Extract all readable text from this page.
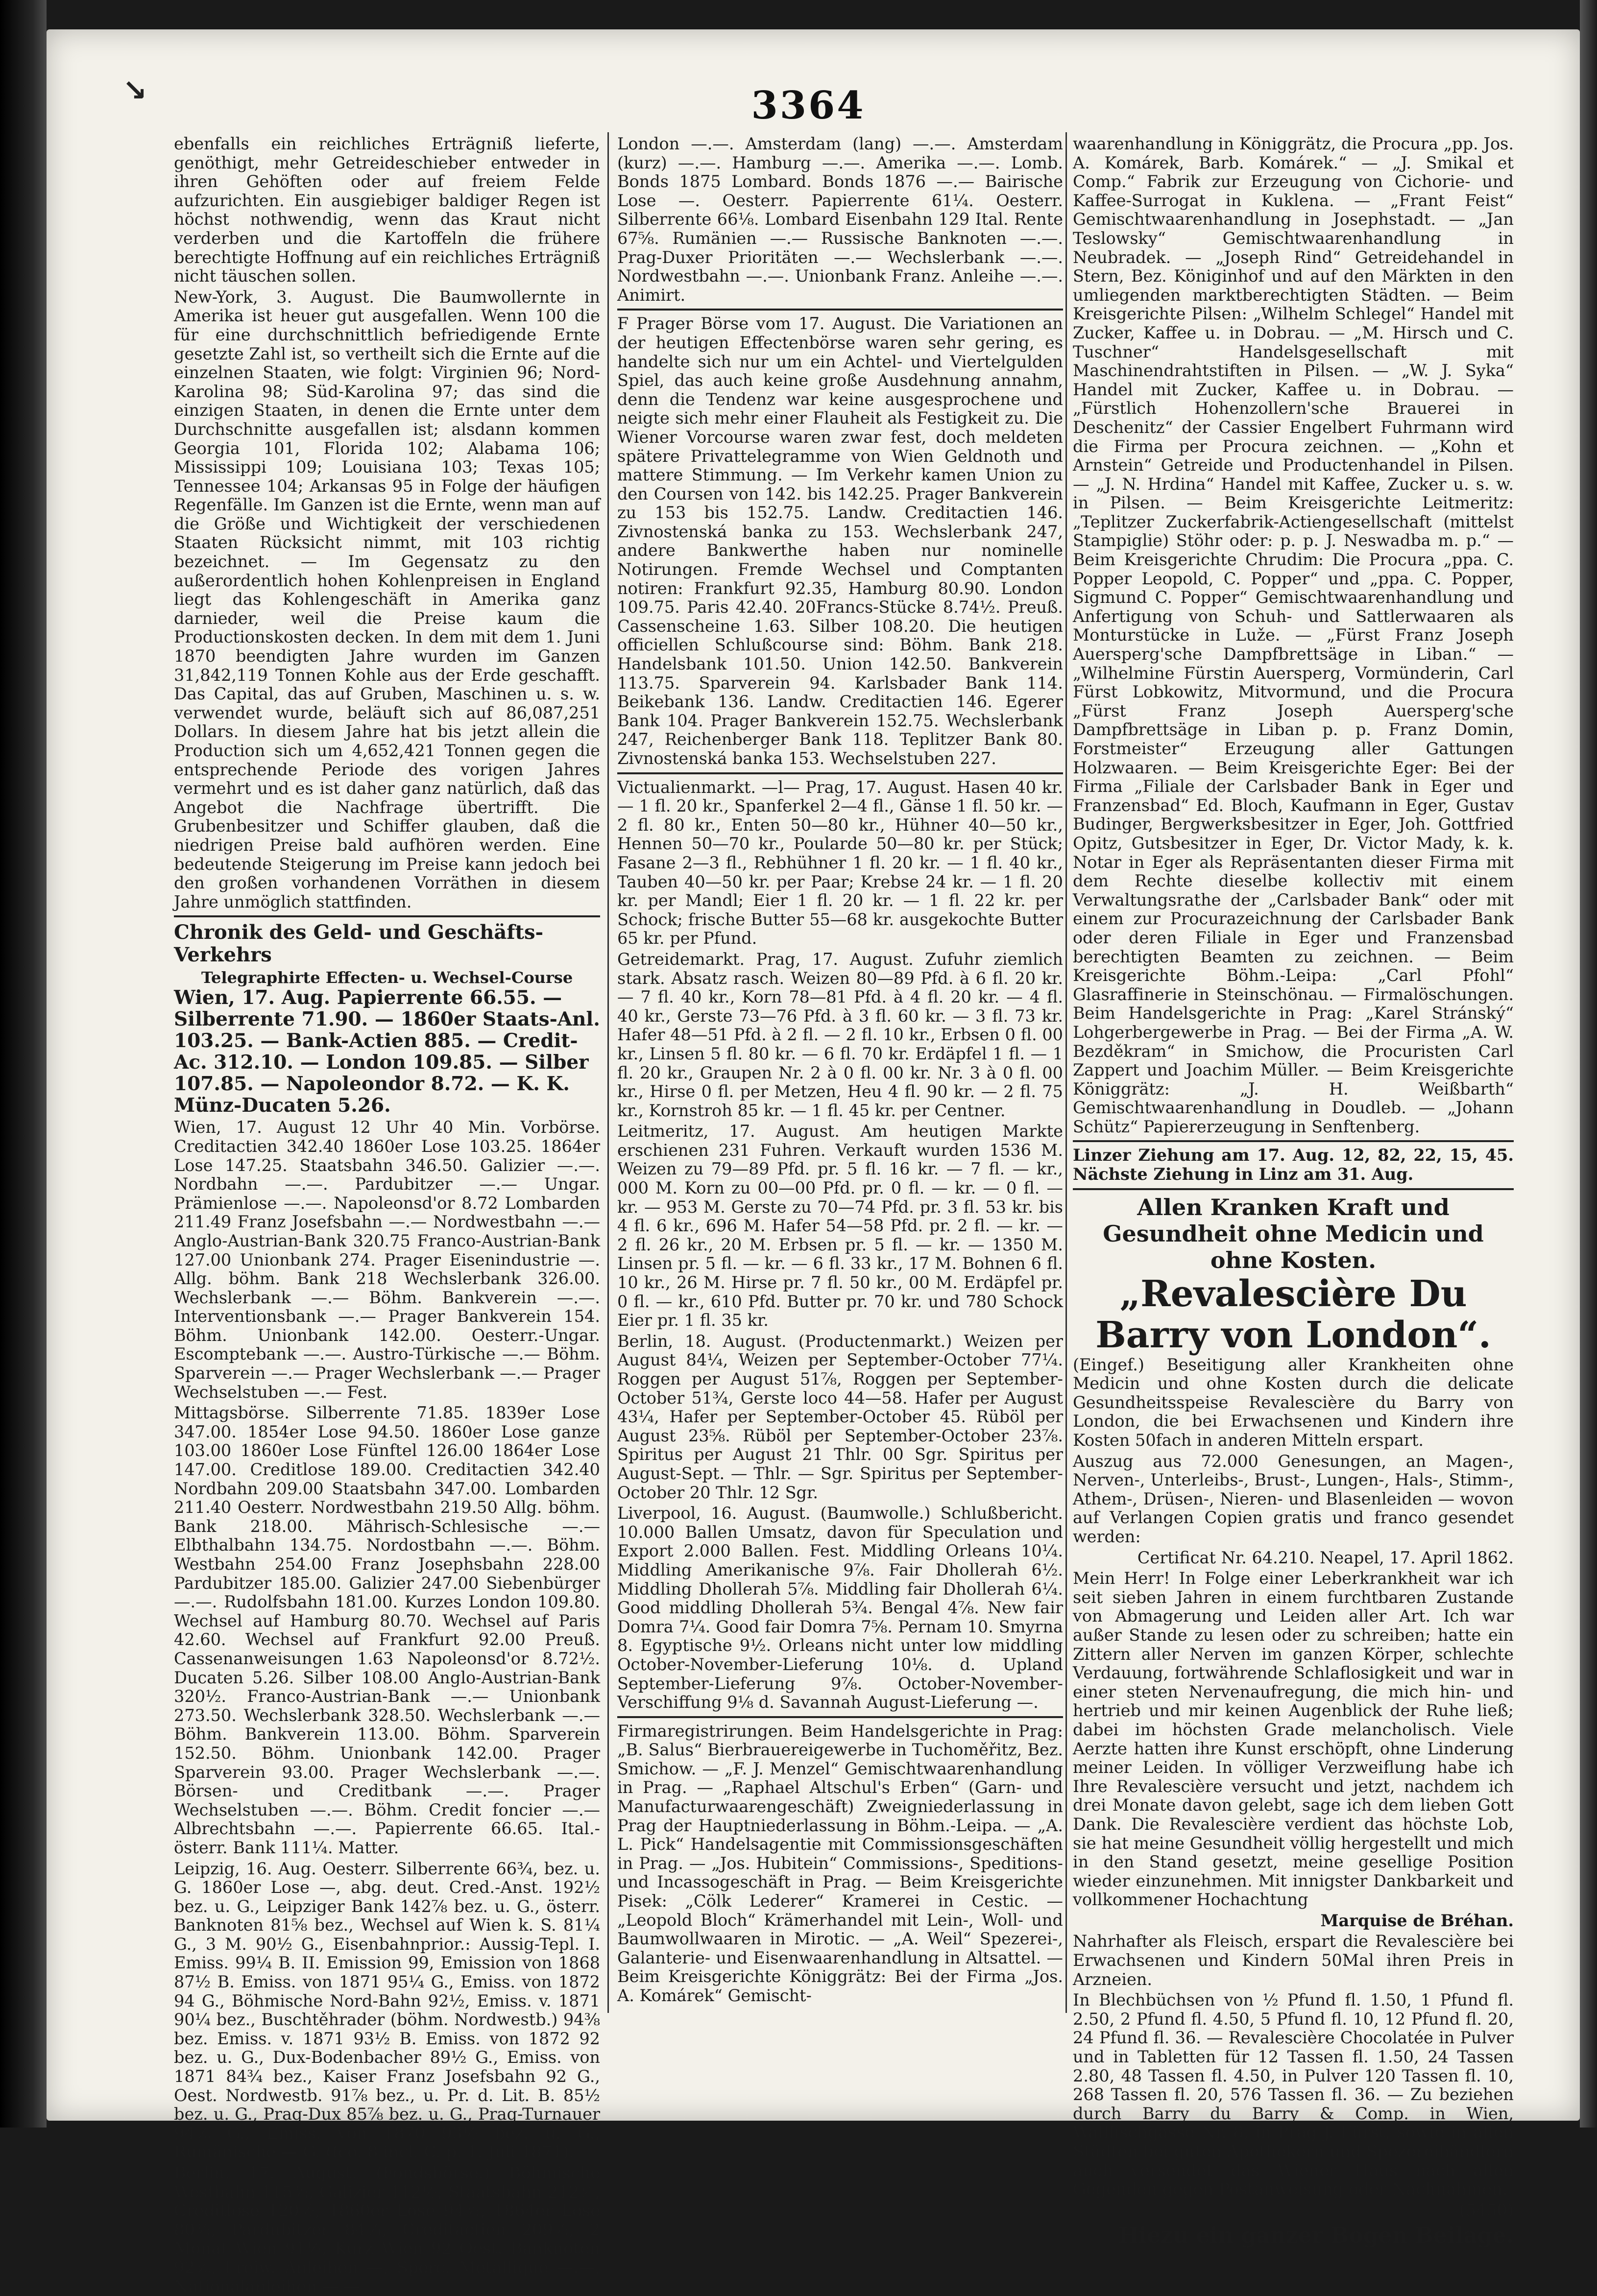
↘	3364

ebenfalls ein reichliches Erträgniß lieferte, genöthigt, mehr Getreideschieber entweder in ihren Gehöften oder auf freiem Felde aufzurichten. Ein ausgiebiger baldiger Regen ist höchst nothwendig, wenn das Kraut nicht verderben und die Kartoffeln die frühere berechtigte Hoffnung auf ein reichliches Erträgniß nicht täuschen sollen.

New-York, 3. August. Die Baumwollernte in Amerika ist heuer gut ausgefallen. Wenn 100 die für eine durchschnittlich befriedigende Ernte gesetzte Zahl ist, so vertheilt sich die Ernte auf die einzelnen Staaten, wie folgt: Virginien 96; Nord-Karolina 98; Süd-Karolina 97; das sind die einzigen Staaten, in denen die Ernte unter dem Durchschnitte ausgefallen ist; alsdann kommen Georgia 101, Florida 102; Alabama 106; Mississippi 109; Louisiana 103; Texas 105; Tennessee 104; Arkansas 95 in Folge der häufigen Regenfälle. Im Ganzen ist die Ernte, wenn man auf die Größe und Wichtigkeit der verschiedenen Staaten Rücksicht nimmt, mit 103 richtig bezeichnet. — Im Gegensatz zu den außerordentlich hohen Kohlenpreisen in England liegt das Kohlengeschäft in Amerika ganz darnieder, weil die Preise kaum die Productionskosten decken. In dem mit dem 1. Juni 1870 beendigten Jahre wurden im Ganzen 31,842,119 Tonnen Kohle aus der Erde geschafft. Das Capital, das auf Gruben, Maschinen u. s. w. verwendet wurde, beläuft sich auf 86,087,251 Dollars. In diesem Jahre hat bis jetzt allein die Production sich um 4,652,421 Tonnen gegen die entsprechende Periode des vorigen Jahres vermehrt und es ist daher ganz natürlich, daß das Angebot die Nachfrage übertrifft. Die Grubenbesitzer und Schiffer glauben, daß die niedrigen Preise bald aufhören werden. Eine bedeutende Steigerung im Preise kann jedoch bei den großen vorhandenen Vorräthen in diesem Jahre unmöglich stattfinden.

Chronik des Geld- und Geschäfts-Verkehrs
Telegraphirte Effecten- u. Wechsel-Course

Wien, 17. Aug. Papierrente 66.55. — Silberrente 71.90. — 1860er Staats-Anl. 103.25. — Bank-Actien 885. — Credit-Ac. 312.10. — London 109.85. — Silber 107.85. — Napoleondor 8.72. — K. K. Münz-Ducaten 5.26.

Wien, 17. August 12 Uhr 40 Min. Vorbörse. Creditactien 342.40 1860er Lose 103.25. 1864er Lose 147.25. Staatsbahn 346.50. Galizier —.—. Nordbahn —.—. Pardubitzer —.— Ungar. Prämienlose —.—. Napoleonsd'or 8.72 Lombarden 211.49 Franz Josefsbahn —.— Nordwestbahn —.— Anglo-Austrian-Bank 320.75 Franco-Austrian-Bank 127.00 Unionbank 274. Prager Eisenindustrie —. Allg. böhm. Bank 218 Wechslerbank 326.00. Wechslerbank —.— Böhm. Bankverein —.—. Interventionsbank —.— Prager Bankverein 154. Böhm. Unionbank 142.00. Oesterr.-Ungar. Escomptebank —.—. Austro-Türkische —.— Böhm. Sparverein —.— Prager Wechslerbank —.— Prager Wechselstuben —.— Fest.

Mittagsbörse. Silberrente 71.85. 1839er Lose 347.00. 1854er Lose 94.50. 1860er Lose ganze 103.00 1860er Lose Fünftel 126.00 1864er Lose 147.00. Creditlose 189.00. Creditactien 342.40 Nordbahn 209.00 Staatsbahn 347.00. Lombarden 211.40 Oesterr. Nordwestbahn 219.50 Allg. böhm. Bank 218.00. Mährisch-Schlesische —.— Elbthalbahn 134.75. Nordostbahn —.—. Böhm. Westbahn 254.00 Franz Josephsbahn 228.00 Pardubitzer 185.00. Galizier 247.00 Siebenbürger —.—. Rudolfsbahn 181.00. Kurzes London 109.80. Wechsel auf Hamburg 80.70. Wechsel auf Paris 42.60. Wechsel auf Frankfurt 92.00 Preuß. Cassenanweisungen 1.63 Napoleonsd'or 8.72½. Ducaten 5.26. Silber 108.00 Anglo-Austrian-Bank 320½. Franco-Austrian-Bank —.— Unionbank 273.50. Wechslerbank 328.50. Wechslerbank —.— Böhm. Bankverein 113.00. Böhm. Sparverein 152.50. Böhm. Unionbank 142.00. Prager Sparverein 93.00. Prager Wechslerbank —.—. Börsen- und Creditbank —.—. Prager Wechselstuben —.—. Böhm. Credit foncier —.— Albrechtsbahn —.—. Papierrente 66.65. Ital.-österr. Bank 111¼. Matter.

Leipzig, 16. Aug. Oesterr. Silberrente 66¾, bez. u. G. 1860er Lose —, abg. deut. Cred.-Anst. 192½ bez. u. G., Leipziger Bank 142⅞ bez. u. G., österr. Banknoten 81⅝ bez., Wechsel auf Wien k. S. 81¼ G., 3 M. 90½ G., Eisenbahnprior.: Aussig-Tepl. I. Emiss. 99¼ B. II. Emission 99, Emission von 1868 87½ B. Emiss. von 1871 95¼ G., Emiss. von 1872 94 G., Böhmische Nord-Bahn 92½, Emiss. v. 1871 90¼ bez., Buschtěhrader (böhm. Nordwestb.) 94⅜ bez. Emiss. v. 1871 93½ B. Emiss. von 1872 92 bez. u. G., Dux-Bodenbacher 89½ G., Emiss. von 1871 84¾ bez., Kaiser Franz Josefsbahn 92 G., Oest. Nordwestb. 91⅞ bez., u. Pr. d. Lit. B. 85½ bez. u. G., Prag-Dux 85⅞ bez. u. G., Prag-Turnauer 94⅛ G., Emiss. von 1870 93½ bez. u. G., Rumänische — G. (fco. 8 incl. C. p. 1. Juli 1871).

Berlin, 17. August. (Fondsbörse.) Böhmische Westbahn 115¾, Galizier 112½, Staatsbahn 212¾, Creditlose 120½, 1860er Lose 94¾, 1864er Lose 80¾, Pardubitzer 84¼, Creditactien 209¼, 2 Monat Wien 91½, Kurz Wien 92 Oest. Banknoten 92⅝, Freiw. Anleihen —, Sperc. Metallique —.—, Nationalanleihen —.—

London —.—. Amsterdam (lang) —.—. Amsterdam (kurz) —.—. Hamburg —.—. Amerika —.—. Lomb. Bonds 1875 Lombard. Bonds 1876 —.— Bairische Lose —. Oesterr. Papierrente 61¼. Oesterr. Silberrente 66⅛. Lombard Eisenbahn 129 Ital. Rente 67⅝. Rumänien —.— Russische Banknoten —.—. Prag-Duxer Prioritäten —.— Wechslerbank —.—. Nordwestbahn —.—. Unionbank Franz. Anleihe —.—. Animirt.

F Prager Börse vom 17. August. Die Variationen an der heutigen Effectenbörse waren sehr gering, es handelte sich nur um ein Achtel- und Viertelgulden Spiel, das auch keine große Ausdehnung annahm, denn die Tendenz war keine ausgesprochene und neigte sich mehr einer Flauheit als Festigkeit zu. Die Wiener Vorcourse waren zwar fest, doch meldeten spätere Privattelegramme von Wien Geldnoth und mattere Stimmung. — Im Verkehr kamen Union zu den Coursen von 142. bis 142.25. Prager Bankverein zu 153 bis 152.75. Landw. Creditactien 146. Zivnostenská banka zu 153. Wechslerbank 247, andere Bankwerthe haben nur nominelle Notirungen. Fremde Wechsel und Comptanten notiren: Frankfurt 92.35, Hamburg 80.90. London 109.75. Paris 42.40. 20Francs-Stücke 8.74½. Preuß. Cassenscheine 1.63. Silber 108.20. Die heutigen officiellen Schlußcourse sind: Böhm. Bank 218. Handelsbank 101.50. Union 142.50. Bankverein 113.75. Sparverein 94. Karlsbader Bank 114. Beikebank 136. Landw. Creditactien 146. Egerer Bank 104. Prager Bankverein 152.75. Wechslerbank 247, Reichenberger Bank 118. Teplitzer Bank 80. Zivnostenská banka 153. Wechselstuben 227.

Victualienmarkt. —l— Prag, 17. August. Hasen 40 kr. — 1 fl. 20 kr., Spanferkel 2—4 fl., Gänse 1 fl. 50 kr. — 2 fl. 80 kr., Enten 50—80 kr., Hühner 40—50 kr., Hennen 50—70 kr., Poularde 50—80 kr. per Stück; Fasane 2—3 fl., Rebhühner 1 fl. 20 kr. — 1 fl. 40 kr., Tauben 40—50 kr. per Paar; Krebse 24 kr. — 1 fl. 20 kr. per Mandl; Eier 1 fl. 20 kr. — 1 fl. 22 kr. per Schock; frische Butter 55—68 kr. ausgekochte Butter 65 kr. per Pfund.

Getreidemarkt. Prag, 17. August. Zufuhr ziemlich stark. Absatz rasch. Weizen 80—89 Pfd. à 6 fl. 20 kr. — 7 fl. 40 kr., Korn 78—81 Pfd. à 4 fl. 20 kr. — 4 fl. 40 kr., Gerste 73—76 Pfd. à 3 fl. 60 kr. — 3 fl. 73 kr. Hafer 48—51 Pfd. à 2 fl. — 2 fl. 10 kr., Erbsen 0 fl. 00 kr., Linsen 5 fl. 80 kr. — 6 fl. 70 kr. Erdäpfel 1 fl. — 1 fl. 20 kr., Graupen Nr. 2 à 0 fl. 00 kr. Nr. 3 à 0 fl. 00 kr., Hirse 0 fl. per Metzen, Heu 4 fl. 90 kr. — 2 fl. 75 kr., Kornstroh 85 kr. — 1 fl. 45 kr. per Centner.

Leitmeritz, 17. August. Am heutigen Markte erschienen 231 Fuhren. Verkauft wurden 1536 M. Weizen zu 79—89 Pfd. pr. 5 fl. 16 kr. — 7 fl. — kr., 000 M. Korn zu 00—00 Pfd. pr. 0 fl. — kr. — 0 fl. — kr. — 953 M. Gerste zu 70—74 Pfd. pr. 3 fl. 53 kr. bis 4 fl. 6 kr., 696 M. Hafer 54—58 Pfd. pr. 2 fl. — kr. — 2 fl. 26 kr., 20 M. Erbsen pr. 5 fl. — kr. — 1350 M. Linsen pr. 5 fl. — kr. — 6 fl. 33 kr., 17 M. Bohnen 6 fl. 10 kr., 26 M. Hirse pr. 7 fl. 50 kr., 00 M. Erdäpfel pr. 0 fl. — kr., 610 Pfd. Butter pr. 70 kr. und 780 Schock Eier pr. 1 fl. 35 kr.

Berlin, 18. August. (Productenmarkt.) Weizen per August 84¼, Weizen per September-October 77¼. Roggen per August 51⅞, Roggen per September-October 51¾, Gerste loco 44—58. Hafer per August 43¼, Hafer per September-October 45. Rüböl per August 23⅝. Rüböl per September-October 23⅞. Spiritus per August 21 Thlr. 00 Sgr. Spiritus per August-Sept. — Thlr. — Sgr. Spiritus per September-October 20 Thlr. 12 Sgr.

Liverpool, 16. August. (Baumwolle.) Schlußbericht. 10.000 Ballen Umsatz, davon für Speculation und Export 2.000 Ballen. Fest. Middling Orleans 10¼. Middling Amerikanische 9⅞. Fair Dhollerah 6½. Middling Dhollerah 5⅞. Middling fair Dhollerah 6¼. Good middling Dhollerah 5¾. Bengal 4⅞. New fair Domra 7¼. Good fair Domra 7⅝. Pernam 10. Smyrna 8. Egyptische 9½. Orleans nicht unter low middling October-November-Lieferung 10⅛. d. Upland September-Lieferung 9⅞. October-November-Verschiffung 9⅛ d. Savannah August-Lieferung —.

Firmaregistrirungen. Beim Handelsgerichte in Prag: „B. Salus“ Bierbrauereigewerbe in Tuchoměřitz, Bez. Smichow. — „F. J. Menzel“ Gemischtwaarenhandlung in Prag. — „Raphael Altschul's Erben“ (Garn- und Manufacturwaarengeschäft) Zweigniederlassung in Prag der Hauptniederlassung in Böhm.-Leipa. — „A. L. Pick“ Handelsagentie mit Commissionsgeschäften in Prag. — „Jos. Hubitein“ Commissions-, Speditions- und Incassogeschäft in Prag. — Beim Kreisgerichte Pisek: „Cölk Lederer“ Kramerei in Cestic. — „Leopold Bloch“ Krämerhandel mit Lein-, Woll- und Baumwollwaaren in Mirotic. — „A. Weil“ Spezerei-, Galanterie- und Eisenwaarenhandlung in Altsattel. — Beim Kreisgerichte Königgrätz: Bei der Firma „Jos. A. Komárek“ Gemischt-

waarenhandlung in Königgrätz, die Procura „pp. Jos. A. Komárek, Barb. Komárek.“ — „J. Smikal et Comp.“ Fabrik zur Erzeugung von Cichorie- und Kaffee-Surrogat in Kuklena. — „Frant Feist“ Gemischtwaarenhandlung in Josephstadt. — „Jan Teslowsky“ Gemischtwaarenhandlung in Neubradek. — „Joseph Rind“ Getreidehandel in Stern, Bez. Königinhof und auf den Märkten in den umliegenden marktberechtigten Städten. — Beim Kreisgerichte Pilsen: „Wilhelm Schlegel“ Handel mit Zucker, Kaffee u. in Dobrau. — „M. Hirsch und C. Tuschner“ Handelsgesellschaft mit Maschinendrahtstiften in Pilsen. — „W. J. Syka“ Handel mit Zucker, Kaffee u. in Dobrau. — „Fürstlich Hohenzollern'sche Brauerei in Deschenitz“ der Cassier Engelbert Fuhrmann wird die Firma per Procura zeichnen. — „Kohn et Arnstein“ Getreide und Productenhandel in Pilsen. — „J. N. Hrdina“ Handel mit Kaffee, Zucker u. s. w. in Pilsen. — Beim Kreisgerichte Leitmeritz: „Teplitzer Zuckerfabrik-Actiengesellschaft (mittelst Stampiglie) Stöhr oder: p. p. J. Neswadba m. p.“ — Beim Kreisgerichte Chrudim: Die Procura „ppa. C. Popper Leopold, C. Popper“ und „ppa. C. Popper, Sigmund C. Popper“ Gemischtwaarenhandlung und Anfertigung von Schuh- und Sattlerwaaren als Monturstücke in Luže. — „Fürst Franz Joseph Auersperg'sche Dampfbrettsäge in Liban.“ — „Wilhelmine Fürstin Auersperg, Vormünderin, Carl Fürst Lobkowitz, Mitvormund, und die Procura „Fürst Franz Joseph Auersperg'sche Dampfbrettsäge in Liban p. p. Franz Domin, Forstmeister“ Erzeugung aller Gattungen Holzwaaren. — Beim Kreisgerichte Eger: Bei der Firma „Filiale der Carlsbader Bank in Eger und Franzensbad“ Ed. Bloch, Kaufmann in Eger, Gustav Budinger, Bergwerksbesitzer in Eger, Joh. Gottfried Opitz, Gutsbesitzer in Eger, Dr. Victor Mady, k. k. Notar in Eger als Repräsentanten dieser Firma mit dem Rechte dieselbe kollectiv mit einem Verwaltungsrathe der „Carlsbader Bank“ oder mit einem zur Procurazeichnung der Carlsbader Bank oder deren Filiale in Eger und Franzensbad berechtigten Beamten zu zeichnen. — Beim Kreisgerichte Böhm.-Leipa: „Carl Pfohl“ Glasraffinerie in Steinschönau. — Firmalöschungen. Beim Handelsgerichte in Prag: „Karel Stránský“ Lohgerbergewerbe in Prag. — Bei der Firma „A. W. Bezděkram“ in Smichow, die Procuristen Carl Zappert und Joachim Müller. — Beim Kreisgerichte Königgrätz: „J. H. Weißbarth“ Gemischtwaarenhandlung in Doudleb. — „Johann Schütz“ Papiererzeugung in Senftenberg.

Linzer Ziehung am 17. Aug. 12, 82, 22, 15, 45. Nächste Ziehung in Linz am 31. Aug.

Allen Kranken Kraft und Gesundheit ohne Medicin und ohne Kosten.
„Revalescière Du Barry von London“.

(Eingef.) Beseitigung aller Krankheiten ohne Medicin und ohne Kosten durch die delicate Gesundheitsspeise Revalescière du Barry von London, die bei Erwachsenen und Kindern ihre Kosten 50fach in anderen Mitteln erspart.

Auszug aus 72.000 Genesungen, an Magen-, Nerven-, Unterleibs-, Brust-, Lungen-, Hals-, Stimm-, Athem-, Drüsen-, Nieren- und Blasenleiden — wovon auf Verlangen Copien gratis und franco gesendet werden:

Certificat Nr. 64.210. Neapel, 17. April 1862.

Mein Herr! In Folge einer Leberkrankheit war ich seit sieben Jahren in einem furchtbaren Zustande von Abmagerung und Leiden aller Art. Ich war außer Stande zu lesen oder zu schreiben; hatte ein Zittern aller Nerven im ganzen Körper, schlechte Verdauung, fortwährende Schlaflosigkeit und war in einer steten Nervenaufregung, die mich hin- und hertrieb und mir keinen Augenblick der Ruhe ließ; dabei im höchsten Grade melancholisch. Viele Aerzte hatten ihre Kunst erschöpft, ohne Linderung meiner Leiden. In völliger Verzweiflung habe ich Ihre Revalescière versucht und jetzt, nachdem ich drei Monate davon gelebt, sage ich dem lieben Gott Dank. Die Revalescière verdient das höchste Lob, sie hat meine Gesundheit völlig hergestellt und mich in den Stand gesetzt, meine gesellige Position wieder einzunehmen. Mit innigster Dankbarkeit und vollkommener Hochachtung

Marquise de Bréhan.

Nahrhafter als Fleisch, erspart die Revalescière bei Erwachsenen und Kindern 50Mal ihren Preis in Arzneien.

In Blechbüchsen von ½ Pfund fl. 1.50, 1 Pfund fl. 2.50, 2 Pfund fl. 4.50, 5 Pfund fl. 10, 12 Pfund fl. 20, 24 Pfund fl. 36. — Revalescière Chocolatée in Pulver und in Tabletten für 12 Tassen fl. 1.50, 24 Tassen 2.80, 48 Tassen fl. 4.50, in Pulver 120 Tassen fl. 10, 268 Tassen fl. 20, 576 Tassen fl. 36. — Zu beziehen durch Barry du Barry & Comp. in Wien, Wallfischgasse Nr. 8, in Prag J. Fürst, sowie in allen Städten bei guten Apothekern und Spezereihändlern auch versendet das Wiener Haus nach allen Gegenden gegen Postanweisung oder Nachnahmen.

(5450)

Hiezu ein ganzer Bogen Beilage.
